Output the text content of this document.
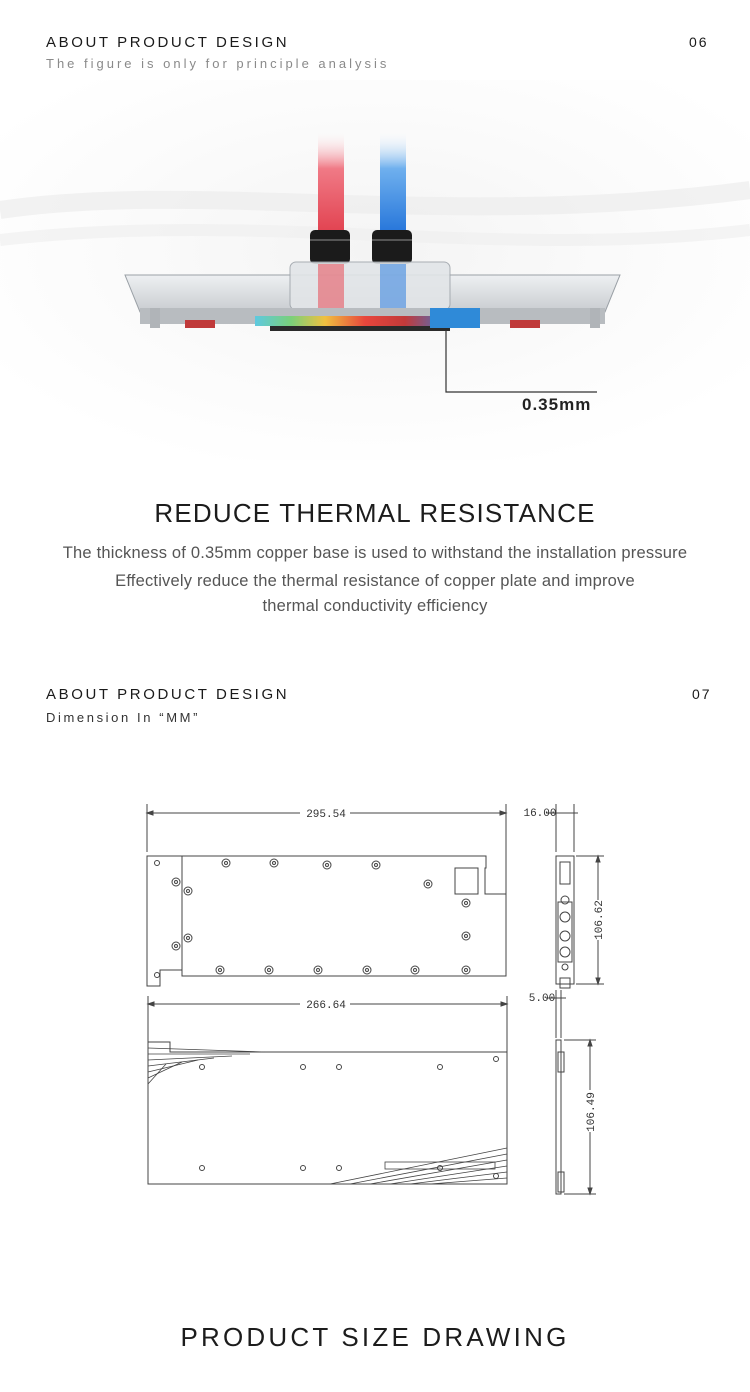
ABOUT PRODUCT DESIGN
The figure is only for principle analysis
06
0.35mm
REDUCE THERMAL RESISTANCE
The thickness of 0.35mm copper base is used to withstand the installation pressure
Effectively reduce the thermal resistance of copper plate and improve
thermal conductivity efficiency
ABOUT PRODUCT DESIGN
Dimension In “MM”
07
295.54	16.00
106.62
266.64
5.00
106.49
PRODUCT SIZE DRAWING
